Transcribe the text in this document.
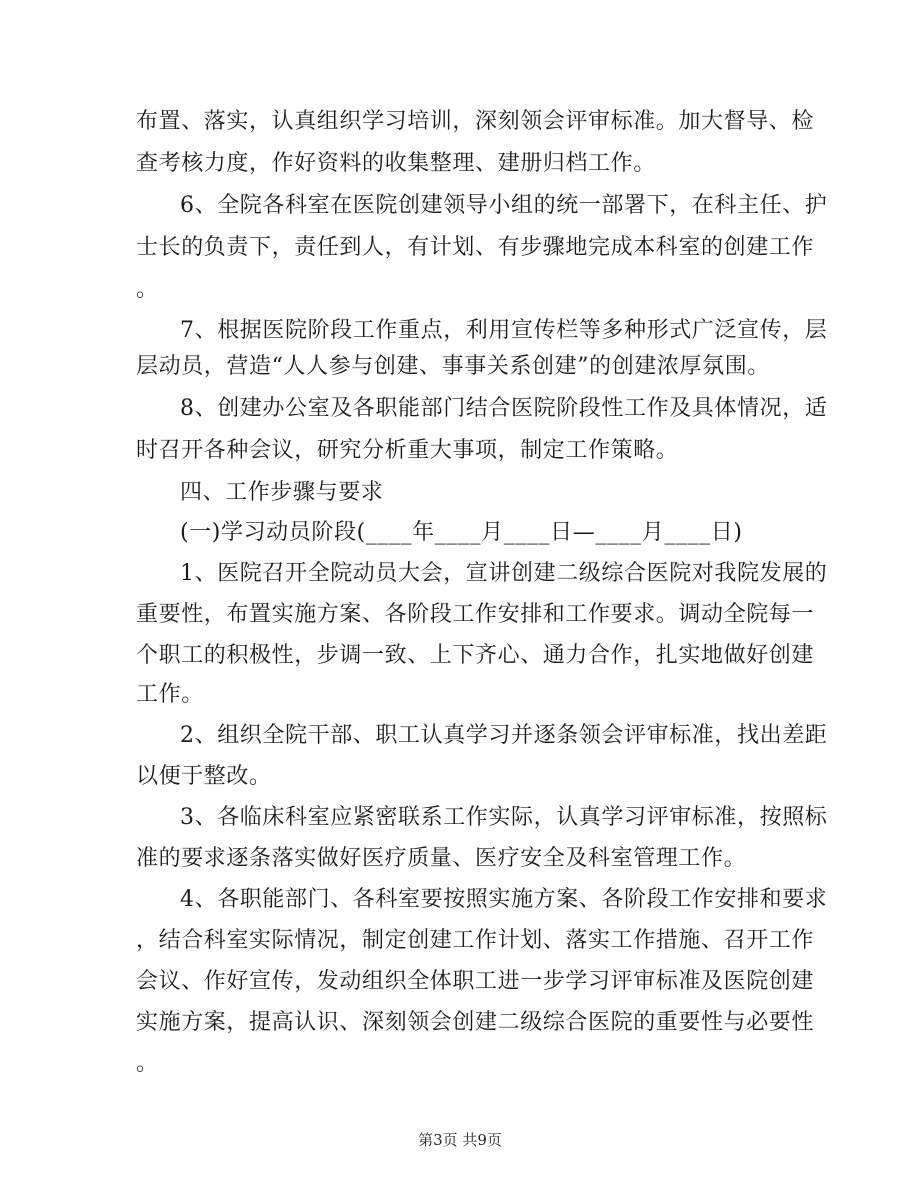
布置、落实，认真组织学习培训，深刻领会评审标准。加大督导、检
查考核力度，作好资料的收集整理、建册归档工作。
6、全院各科室在医院创建领导小组的统一部署下，在科主任、护
士长的负责下，责任到人，有计划、有步骤地完成本科室的创建工作
。
7、根据医院阶段工作重点，利用宣传栏等多种形式广泛宣传，层
层动员，营造“人人参与创建、事事关系创建”的创建浓厚氛围。
8、创建办公室及各职能部门结合医院阶段性工作及具体情况，适
时召开各种会议，研究分析重大事项，制定工作策略。
四、工作步骤与要求
(一)学习动员阶段(____年____月____日—____月____日)
1、医院召开全院动员大会，宣讲创建二级综合医院对我院发展的
重要性，布置实施方案、各阶段工作安排和工作要求。调动全院每一
个职工的积极性，步调一致、上下齐心、通力合作，扎实地做好创建
工作。
2、组织全院干部、职工认真学习并逐条领会评审标准，找出差距
以便于整改。
3、各临床科室应紧密联系工作实际，认真学习评审标准，按照标
准的要求逐条落实做好医疗质量、医疗安全及科室管理工作。
4、各职能部门、各科室要按照实施方案、各阶段工作安排和要求
，结合科室实际情况，制定创建工作计划、落实工作措施、召开工作
会议、作好宣传，发动组织全体职工进一步学习评审标准及医院创建
实施方案，提高认识、深刻领会创建二级综合医院的重要性与必要性
。
第3页 共9页
